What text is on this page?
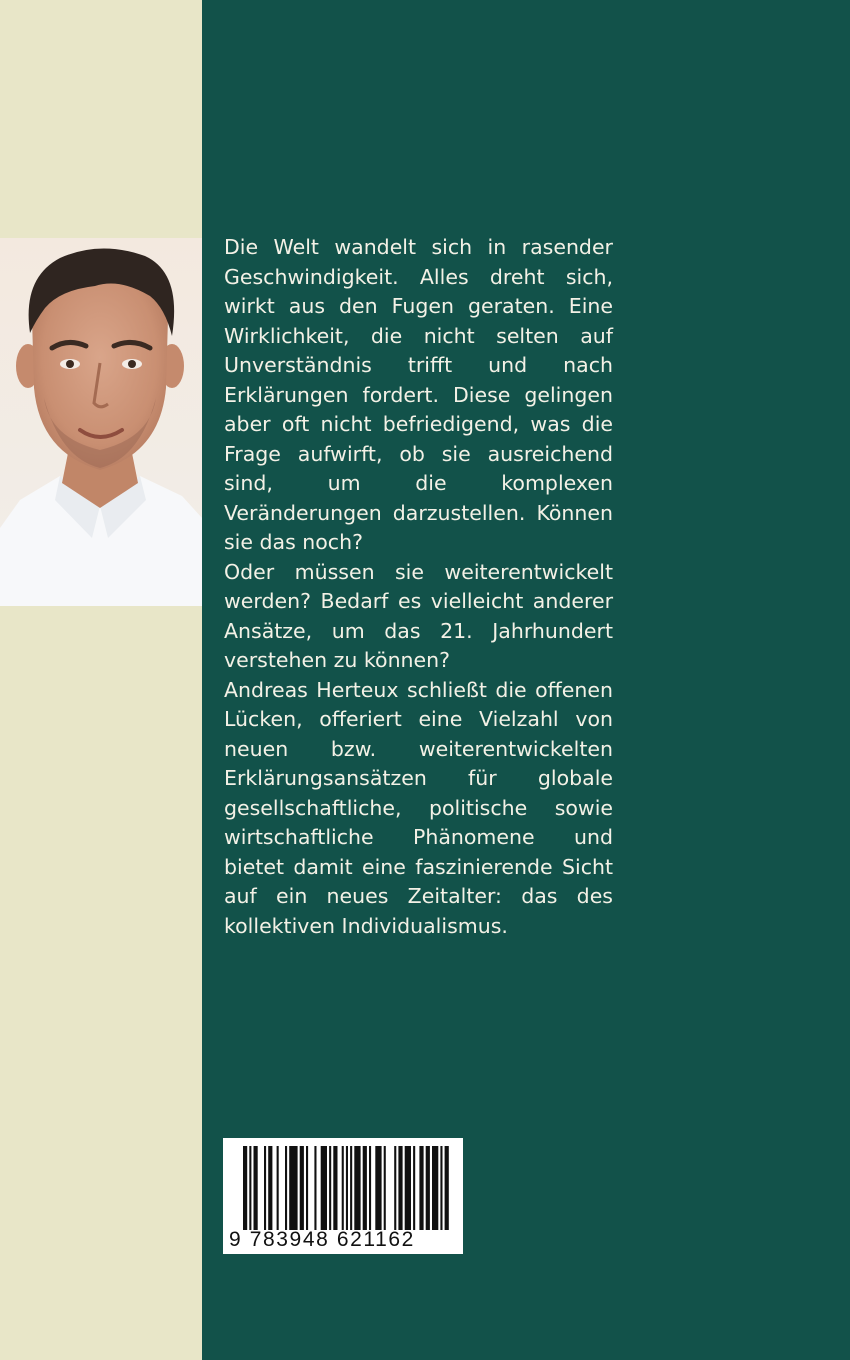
Die Welt wandelt sich in rasender Geschwindigkeit. Alles dreht sich, wirkt aus den Fugen geraten. Eine Wirklichkeit, die nicht selten auf Unverständnis trifft und nach Erklärungen fordert. Diese gelingen aber oft nicht befriedigend, was die Frage aufwirft, ob sie ausreichend sind, um die komplexen Veränderungen darzustellen. Können sie das noch?

Oder müssen sie weiterentwickelt werden? Bedarf es vielleicht anderer Ansätze, um das 21. Jahrhundert verstehen zu können?

Andreas Herteux schließt die offenen Lücken, offeriert eine Vielzahl von neuen bzw. weiterentwickelten Erklärungsansätzen für globale gesellschaftliche, politische sowie wirtschaftliche Phänomene und bietet damit eine faszinierende Sicht auf ein neues Zeitalter: das des kollektiven Individualismus.

9 783948 621162
